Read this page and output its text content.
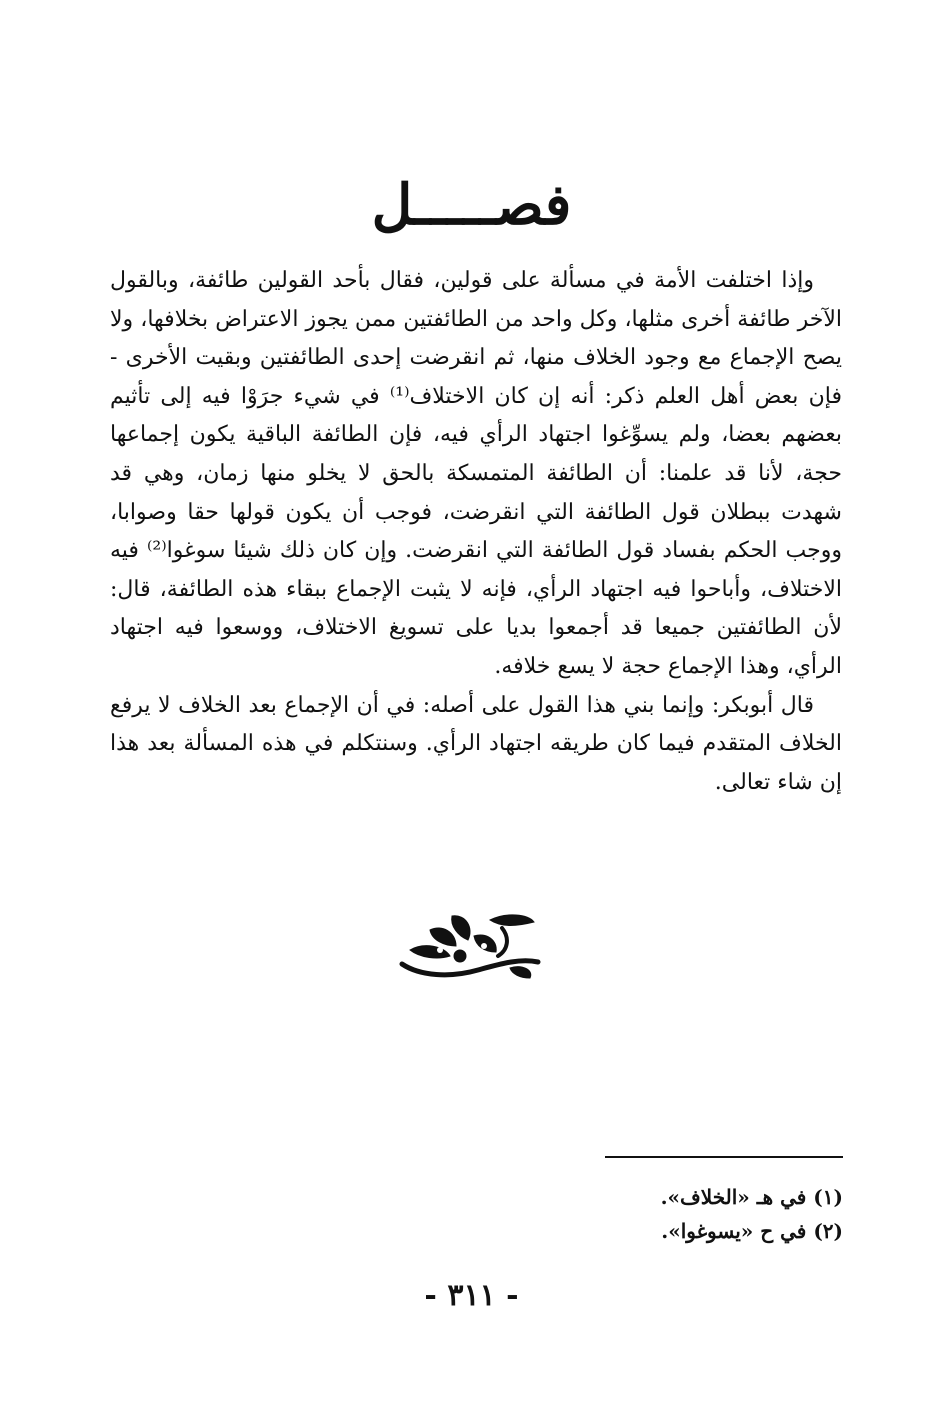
فصـــــل

وإذا اختلفت الأمة في مسألة على قولين، فقال بأحد القولين طائفة، وبالقول الآخر طائفة أخرى مثلها، وكل واحد من الطائفتين ممن يجوز الاعتراض بخلافها، ولا يصح الإجماع مع وجود الخلاف منها، ثم انقرضت إحدى الطائفتين وبقيت الأخرى - فإن بعض أهل العلم ذكر: أنه إن كان الاختلاف⁽¹⁾ في شيء جرَوْا فيه إلى تأثيم بعضهم بعضا، ولم يسوِّغوا اجتهاد الرأي فيه، فإن الطائفة الباقية يكون إجماعها حجة، لأنا قد علمنا: أن الطائفة المتمسكة بالحق لا يخلو منها زمان، وهي قد شهدت ببطلان قول الطائفة التي انقرضت، فوجب أن يكون قولها حقا وصوابا، ووجب الحكم بفساد قول الطائفة التي انقرضت. وإن كان ذلك شيئا سوغوا⁽²⁾ فيه الاختلاف، وأباحوا فيه اجتهاد الرأي، فإنه لا يثبت الإجماع ببقاء هذه الطائفة، قال: لأن الطائفتين جميعا قد أجمعوا بديا على تسويغ الاختلاف، ووسعوا فيه اجتهاد الرأي، وهذا الإجماع حجة لا يسع خلافه.

قال أبوبكر: وإنما بني هذا القول على أصله: في أن الإجماع بعد الخلاف لا يرفع الخلاف المتقدم فيما كان طريقه اجتهاد الرأي. وسنتكلم في هذه المسألة بعد هذا إن شاء تعالى.

(١) في هـ «الخلاف».
(٢) في ح «يسوغوا».
- ٣١١ -
